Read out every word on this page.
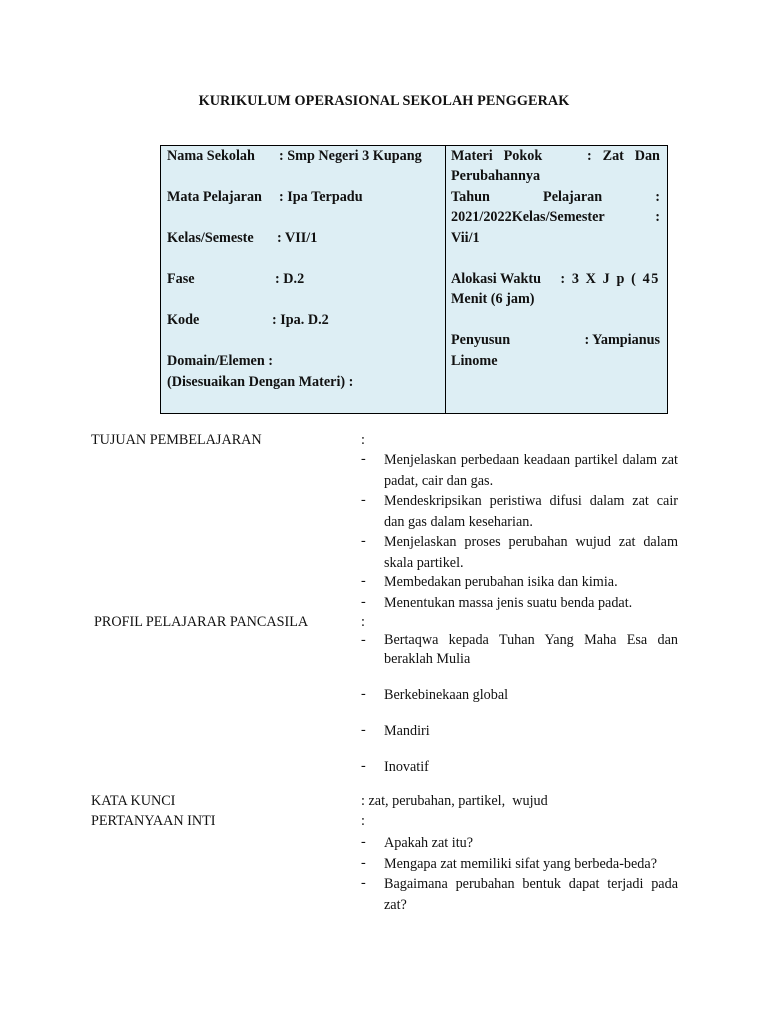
KURIKULUM OPERASIONAL SEKOLAH PENGGERAK
Nama Sekolah : Smp Negeri 3 Kupang
Mata Pelajaran : Ipa Terpadu
Kelas/Semeste : VII/1
Fase	: D.2
Kode	: Ipa. D.2
Domain/Elemen :
(Disesuaikan Dengan Materi) :
Materi Pokok	: Zat Dan
Perubahannya
Tahun	Pelajaran	:
2021/2022Kelas/Semester	:
Vii/1
Alokasi Waktu : 3 X J p ( 45
Menit (6 jam)
Penyusun	: Yampianus
Linome
TUJUAN PEMBELAJARAN	:
- Menjelaskan perbedaan keadaan partikel dalam zat padat, cair dan gas.
- Mendeskripsikan peristiwa difusi dalam zat cair dan gas dalam keseharian.
- Menjelaskan proses perubahan wujud zat dalam skala partikel.
- Membedakan perubahan isika dan kimia.
- Menentukan massa jenis suatu benda padat.
PROFIL PELAJARAR PANCASILA	:
- Bertaqwa kepada Tuhan Yang Maha Esa dan beraklah Mulia
- Berkebinekaan global
- Mandiri
- Inovatif
KATA KUNCI	: zat, perubahan, partikel,  wujud
PERTANYAAN INTI	:
- Apakah zat itu?
- Mengapa zat memiliki sifat yang berbeda-beda?
- Bagaimana perubahan bentuk dapat terjadi pada zat?
